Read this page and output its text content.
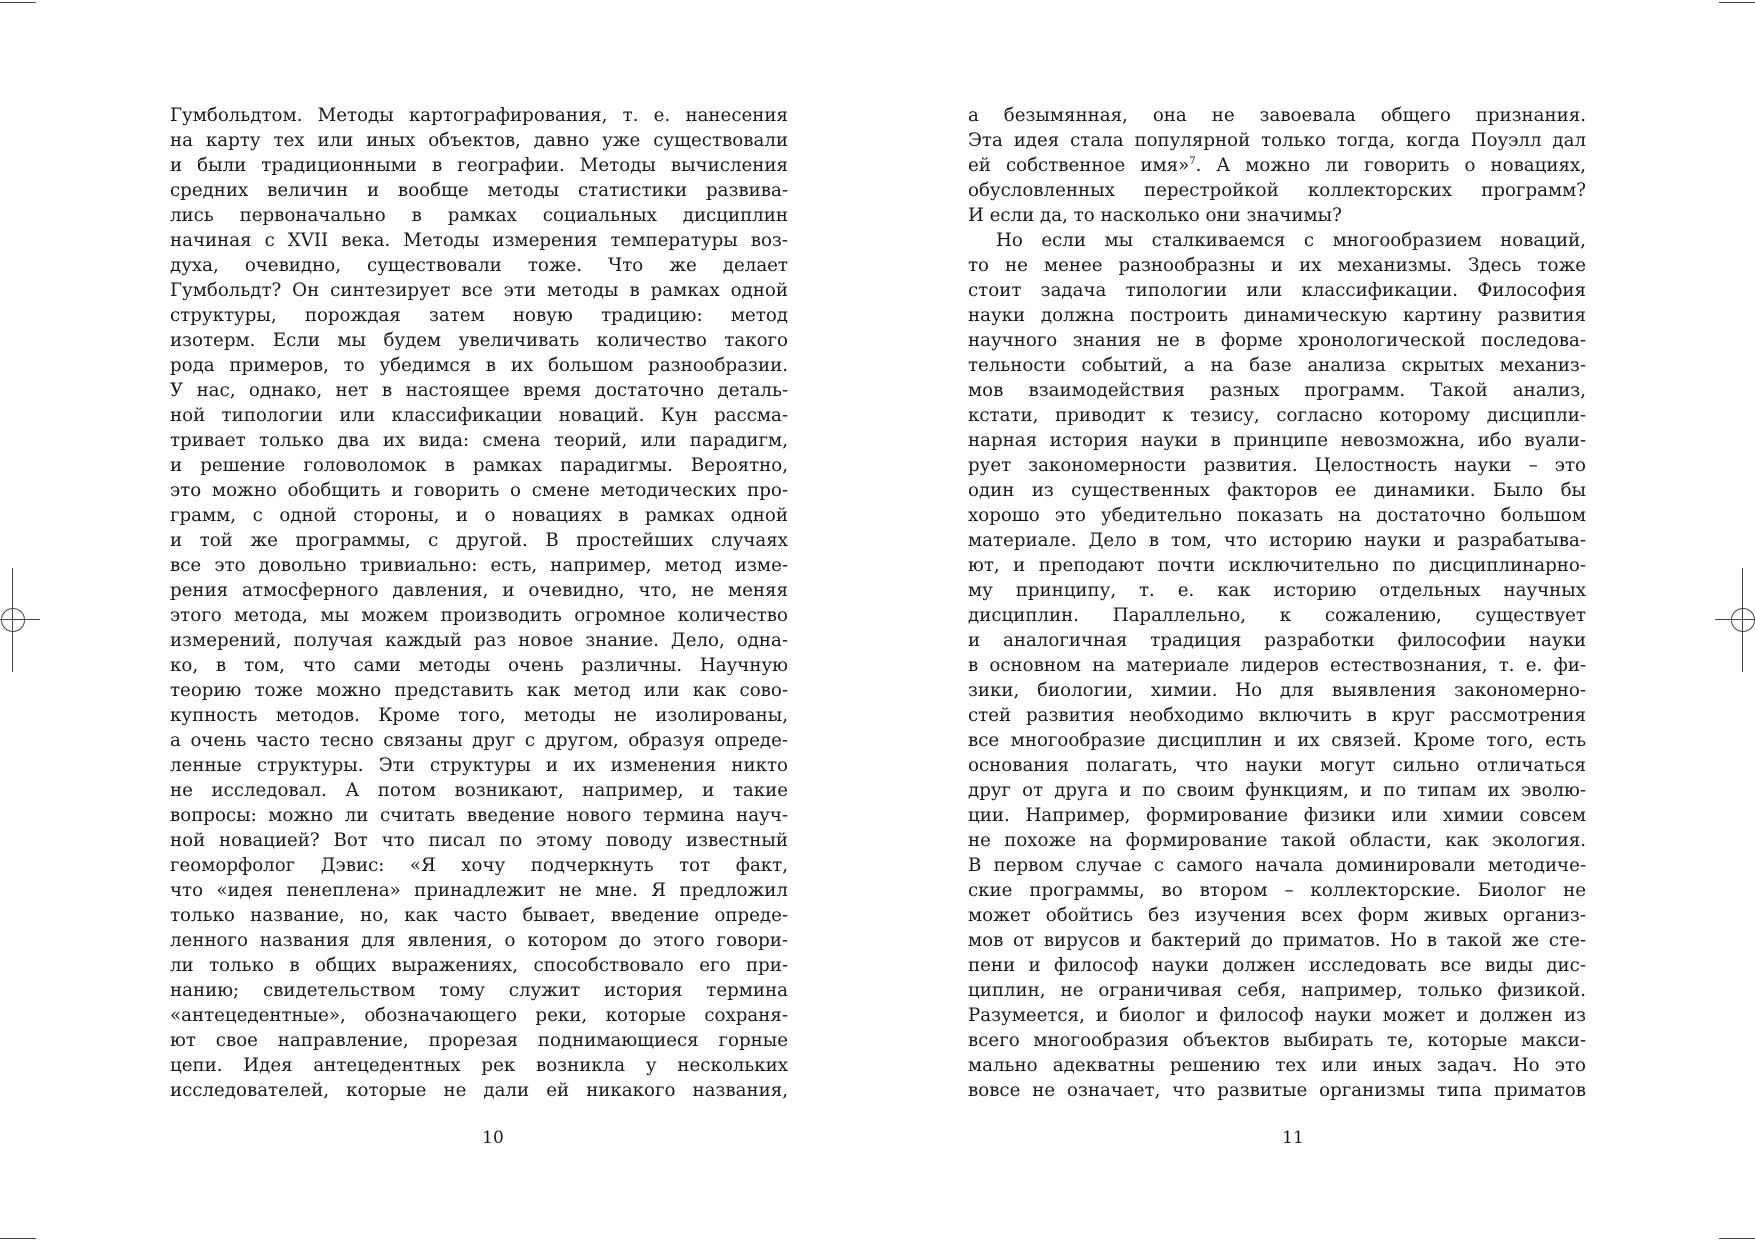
Гумбольдтом. Методы картографирования, т. е. нанесения
на карту тех или иных объектов, давно уже существовали
и были традиционными в географии. Методы вычисления
средних величин и вообще методы статистики развива-
лись первоначально в рамках социальных дисциплин
начиная с XVII века. Методы измерения температуры воз-
духа, очевидно, существовали тоже. Что же делает
Гумбольдт? Он синтезирует все эти методы в рамках одной
структуры, порождая затем новую традицию: метод
изотерм. Если мы будем увеличивать количество такого
рода примеров, то убедимся в их большом разнообразии.
У нас, однако, нет в настоящее время достаточно деталь-
ной типологии или классификации новаций. Кун рассма-
тривает только два их вида: смена теорий, или парадигм,
и решение головоломок в рамках парадигмы. Вероятно,
это можно обобщить и говорить о смене методических про-
грамм, с одной стороны, и о новациях в рамках одной
и той же программы, с другой. В простейших случаях
все это довольно тривиально: есть, например, метод изме-
рения атмосферного давления, и очевидно, что, не меняя
этого метода, мы можем производить огромное количество
измерений, получая каждый раз новое знание. Дело, одна-
ко, в том, что сами методы очень различны. Научную
теорию тоже можно представить как метод или как сово-
купность методов. Кроме того, методы не изолированы,
а очень часто тесно связаны друг с другом, образуя опреде-
ленные структуры. Эти структуры и их изменения никто
не исследовал. А потом возникают, например, и такие
вопросы: можно ли считать введение нового термина науч-
ной новацией? Вот что писал по этому поводу известный
геоморфолог Дэвис: «Я хочу подчеркнуть тот факт,
что «идея пенеплена» принадлежит не мне. Я предложил
только название, но, как часто бывает, введение опреде-
ленного названия для явления, о котором до этого говори-
ли только в общих выражениях, способствовало его при-
нанию; свидетельством тому служит история термина
«антецедентные», обозначающего реки, которые сохраня-
ют свое направление, прорезая поднимающиеся горные
цепи. Идея антецедентных рек возникла у нескольких
исследователей, которые не дали ей никакого названия,
10
а безымянная, она не завоевала общего признания.
Эта идея стала популярной только тогда, когда Поуэлл дал
ей собственное имя»$^7$. А можно ли говорить о новациях,
обусловленных перестройкой коллекторских программ?
И если да, то насколько они значимы?
Но если мы сталкиваемся с многообразием новаций,
то не менее разнообразны и их механизмы. Здесь тоже
стоит задача типологии или классификации. Философия
науки должна построить динамическую картину развития
научного знания не в форме хронологической последова-
тельности событий, а на базе анализа скрытых механиз-
мов взаимодействия разных программ. Такой анализ,
кстати, приводит к тезису, согласно которому дисципли-
нарная история науки в принципе невозможна, ибо вуали-
рует закономерности развития. Целостность науки – это
один из существенных факторов ее динамики. Было бы
хорошо это убедительно показать на достаточно большом
материале. Дело в том, что историю науки и разрабатыва-
ют, и преподают почти исключительно по дисциплинарно-
му принципу, т. е. как историю отдельных научных
дисциплин. Параллельно, к сожалению, существует
и аналогичная традиция разработки философии науки
в основном на материале лидеров естествознания, т. е. фи-
зики, биологии, химии. Но для выявления закономерно-
стей развития необходимо включить в круг рассмотрения
все многообразие дисциплин и их связей. Кроме того, есть
основания полагать, что науки могут сильно отличаться
друг от друга и по своим функциям, и по типам их эволю-
ции. Например, формирование физики или химии совсем
не похоже на формирование такой области, как экология.
В первом случае с самого начала доминировали методиче-
ские программы, во втором – коллекторские. Биолог не
может обойтись без изучения всех форм живых организ-
мов от вирусов и бактерий до приматов. Но в такой же сте-
пени и философ науки должен исследовать все виды дис-
циплин, не ограничивая себя, например, только физикой.
Разумеется, и биолог и философ науки может и должен из
всего многообразия объектов выбирать те, которые макси-
мально адекватны решению тех или иных задач. Но это
вовсе не означает, что развитые организмы типа приматов
11
